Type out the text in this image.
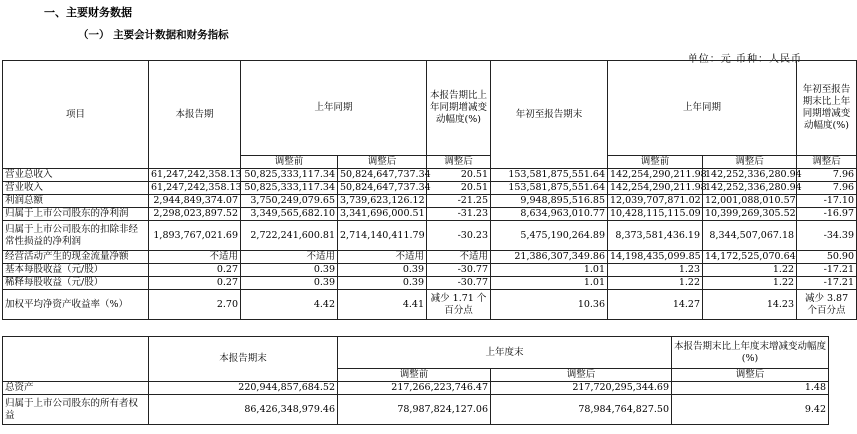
一、主要财务数据
（一） 主要会计数据和财务指标
单位：元 币种：人民币
项目	本报告期	上年同期		本报告期比上年同期增减变动幅度(%)	年初至报告期末	上年同期		年初至报告期末比上年同期增减变动幅度(%)
		调整前	调整后	调整后		调整前	调整后	调整后
营业总收入	61,247,242,358.13	50,825,333,117.34	50,824,647,737.34	20.51	153,581,875,551.64	142,254,290,211.98	142,252,336,280.94	7.96
营业收入	61,247,242,358.13	50,825,333,117.34	50,824,647,737.34	20.51	153,581,875,551.64	142,254,290,211.98	142,252,336,280.94	7.96
利润总额	2,944,849,374.07	3,750,249,079.65	3,739,623,126.12	-21.25	9,948,895,516.85	12,039,707,871.02	12,001,088,010.57	-17.10
归属于上市公司股东的净利润	2,298,023,897.52	3,349,565,682.10	3,341,696,000.51	-31.23	8,634,963,010.77	10,428,115,115.09	10,399,269,305.52	-16.97
归属于上市公司股东的扣除非经常性损益的净利润	1,893,767,021.69	2,722,241,600.81	2,714,140,411.79	-30.23	5,475,190,264.89	8,373,581,436.19	8,344,507,067.18	-34.39
经营活动产生的现金流量净额	不适用	不适用	不适用	不适用	21,386,307,349.86	14,198,435,099.85	14,172,525,070.64	50.90
基本每股收益（元/股）	0.27	0.39	0.39	-30.77	1.01	1.23	1.22	-17.21
稀释每股收益（元/股）	0.27	0.39	0.39	-30.77	1.01	1.22	1.22	-17.21
加权平均净资产收益率（%）	2.70	4.42	4.41	减少 1.71 个百分点	10.36	14.27	14.23	减少 3.87 个百分点
	本报告期末	上年度末		本报告期末比上年度末增减变动幅度(%)
		调整前	调整后	调整后
总资产	220,944,857,684.52	217,266,223,746.47	217,720,295,344.69	1.48
归属于上市公司股东的所有者权益	86,426,348,979.46	78,987,824,127.06	78,984,764,827.50	9.42
